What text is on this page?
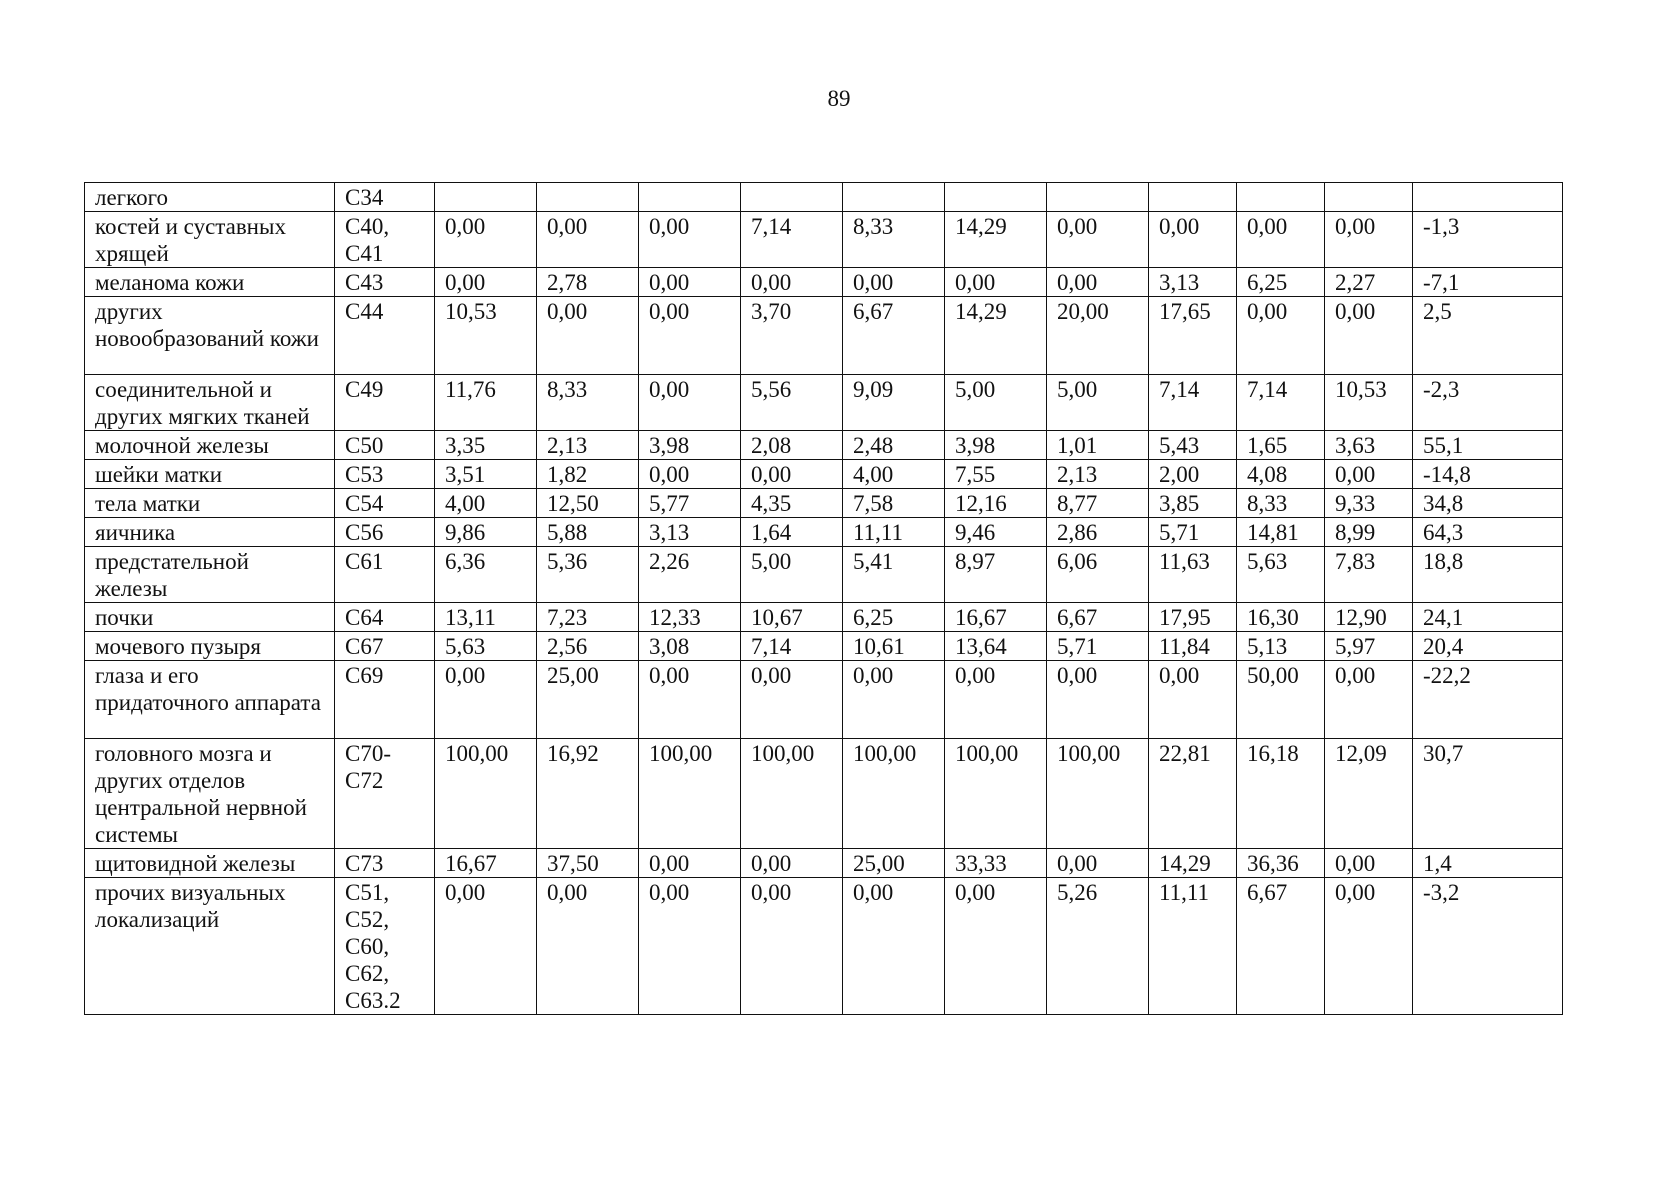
89
легкого	С34											
костей и суставных хрящей	С40, С41	0,00	0,00	0,00	7,14	8,33	14,29	0,00	0,00	0,00	0,00	-1,3
меланома кожи	С43	0,00	2,78	0,00	0,00	0,00	0,00	0,00	3,13	6,25	2,27	-7,1
других новообразований кожи	С44	10,53	0,00	0,00	3,70	6,67	14,29	20,00	17,65	0,00	0,00	2,5
соединительной и других мягких тканей	С49	11,76	8,33	0,00	5,56	9,09	5,00	5,00	7,14	7,14	10,53	-2,3
молочной железы	С50	3,35	2,13	3,98	2,08	2,48	3,98	1,01	5,43	1,65	3,63	55,1
шейки матки	С53	3,51	1,82	0,00	0,00	4,00	7,55	2,13	2,00	4,08	0,00	-14,8
тела матки	С54	4,00	12,50	5,77	4,35	7,58	12,16	8,77	3,85	8,33	9,33	34,8
яичника	С56	9,86	5,88	3,13	1,64	11,11	9,46	2,86	5,71	14,81	8,99	64,3
предстательной железы	С61	6,36	5,36	2,26	5,00	5,41	8,97	6,06	11,63	5,63	7,83	18,8
почки	С64	13,11	7,23	12,33	10,67	6,25	16,67	6,67	17,95	16,30	12,90	24,1
мочевого пузыря	С67	5,63	2,56	3,08	7,14	10,61	13,64	5,71	11,84	5,13	5,97	20,4
глаза и его придаточного аппарата	С69	0,00	25,00	0,00	0,00	0,00	0,00	0,00	0,00	50,00	0,00	-22,2
головного мозга и других отделов центральной нервной системы	С70-С72	100,00	16,92	100,00	100,00	100,00	100,00	100,00	22,81	16,18	12,09	30,7
щитовидной железы	С73	16,67	37,50	0,00	0,00	25,00	33,33	0,00	14,29	36,36	0,00	1,4
прочих визуальных локализаций	С51, С52, С60, С62, С63.2	0,00	0,00	0,00	0,00	0,00	0,00	5,26	11,11	6,67	0,00	-3,2
